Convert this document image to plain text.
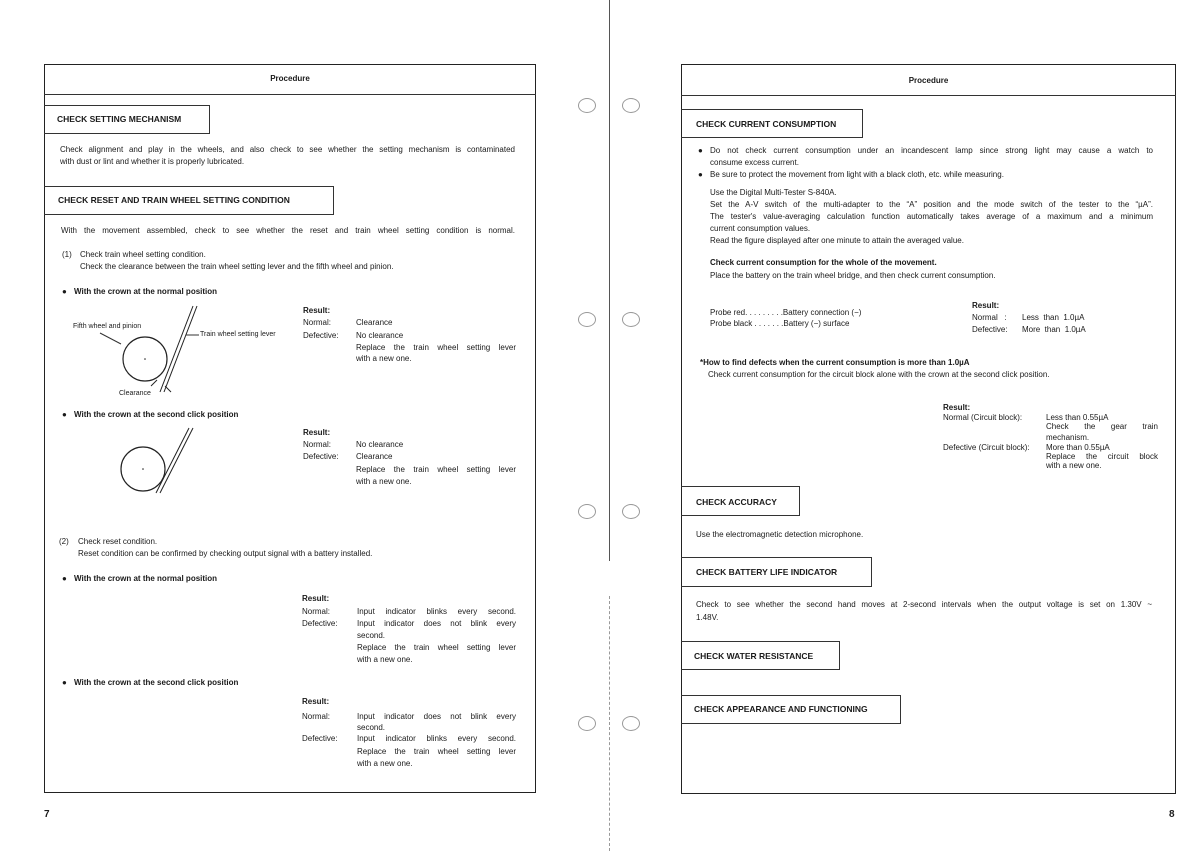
Procedure
CHECK SETTING MECHANISM
Check alignment and play in the wheels, and also check to see whether the setting mechanism is contaminated
with dust or lint and whether it is properly lubricated.
CHECK RESET AND TRAIN WHEEL SETTING CONDITION
With the movement assembled, check to see whether the reset and train wheel setting condition is normal.
(1) Check train wheel setting condition.
Check the clearance between the train wheel setting lever and the fifth wheel and pinion.
● With the crown at the normal position
Fifth wheel and pinion
Train wheel setting lever
Clearance
Result:
Normal:	Clearance
Defective: No clearance
Replace the train wheel setting lever
with a new one.
● With the crown at the second click position
Result:
Normal:	No clearance
Defective: Clearance
Replace the train wheel setting lever
with a new one.
(2) Check reset condition.
Reset condition can be confirmed by checking output signal with a battery installed.
● With the crown at the normal position
Result:
Normal:	Input indicator blinks every second.
Defective: Input indicator does not blink every
second.
Replace the train wheel setting lever
with a new one.
● With the crown at the second click position
Result:
Normal:	Input indicator does not blink every
second.
Defective: Input indicator blinks every second.
Replace the train wheel setting lever
with a new one.
7
Procedure
CHECK CURRENT CONSUMPTION
● Do not check current consumption under an incandescent lamp since strong light may cause a watch to
consume excess current.
● Be sure to protect the movement from light with a black cloth, etc. while measuring.
Use the Digital Multi-Tester S-840A.
Set the A-V switch of the multi-adapter to the “A” position and the mode switch of the tester to the “µA”.
The tester's value-averaging calculation function automatically takes average of a maximum and a minimum
current consumption values.
Read the figure displayed after one minute to attain the averaged value.
Check current consumption for the whole of the movement.
Place the battery on the train wheel bridge, and then check current consumption.
Probe red. . . . . . . . .Battery connection (−)
Probe black . . . . . . .Battery (−) surface
Result:
Normal   : Less  than  1.0µA
Defective: More  than  1.0µA
*How to find defects when the current consumption is more than 1.0µA
Check current consumption for the circuit block alone with the crown at the second click position.
Result:
Normal (Circuit block):	Less than 0.55µA
Check the gear train
mechanism.
Defective (Circuit block): More than 0.55µA
Replace the circuit block
with a new one.
CHECK ACCURACY
Use the electromagnetic detection microphone.
CHECK BATTERY LIFE INDICATOR
Check to see whether the second hand moves at 2-second intervals when the output voltage is set on 1.30V ~
1.48V.
CHECK WATER RESISTANCE
CHECK APPEARANCE AND FUNCTIONING
8
